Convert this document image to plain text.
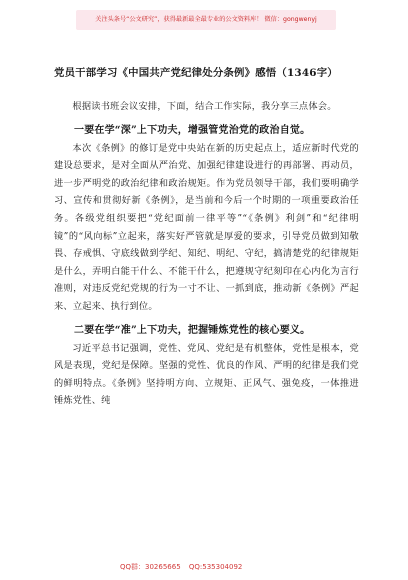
关注头条号“公文研究”，获得最新最全最专业的公文资料库！ 微信：gongwenyj
党员干部学习《中国共产党纪律处分条例》感悟（1346字）

根据读书班会议安排，下面，结合工作实际，我分享三点体会。

一要在学“深”上下功夫，增强管党治党的政治自觉。

本次《条例》的修订是党中央站在新的历史起点上，适应新时代党的建设总要求，是对全面从严治党、加强纪律建设进行的再部署、再动员，进一步严明党的政治纪律和政治规矩。作为党员领导干部，我们要明确学习、宣传和贯彻好新《条例》，是当前和今后一个时期的一项重要政治任务。各级党组织要把“党纪面前一律平等”“《条例》利剑”和“纪律明镜”的“风向标”立起来，落实好严管就是厚爱的要求，引导党员做到知敬畏、存戒惧、守底线做到学纪、知纪、明纪、守纪，搞清楚党的纪律规矩是什么，弄明白能干什么、不能干什么，把遵规守纪刻印在心内化为言行准则，对违反党纪党规的行为一寸不让、一抓到底，推动新《条例》严起来、立起来、执行到位。

二要在学“准”上下功夫，把握锤炼党性的核心要义。

习近平总书记强调，党性、党风、党纪是有机整体，党性是根本，党风是表现，党纪是保障。坚强的党性、优良的作风、严明的纪律是我们党的鲜明特点。《条例》坚持明方向、立规矩、正风气、强免疫，一体推进锤炼党性、纯

QQ群：30265665 QQ:535304092
